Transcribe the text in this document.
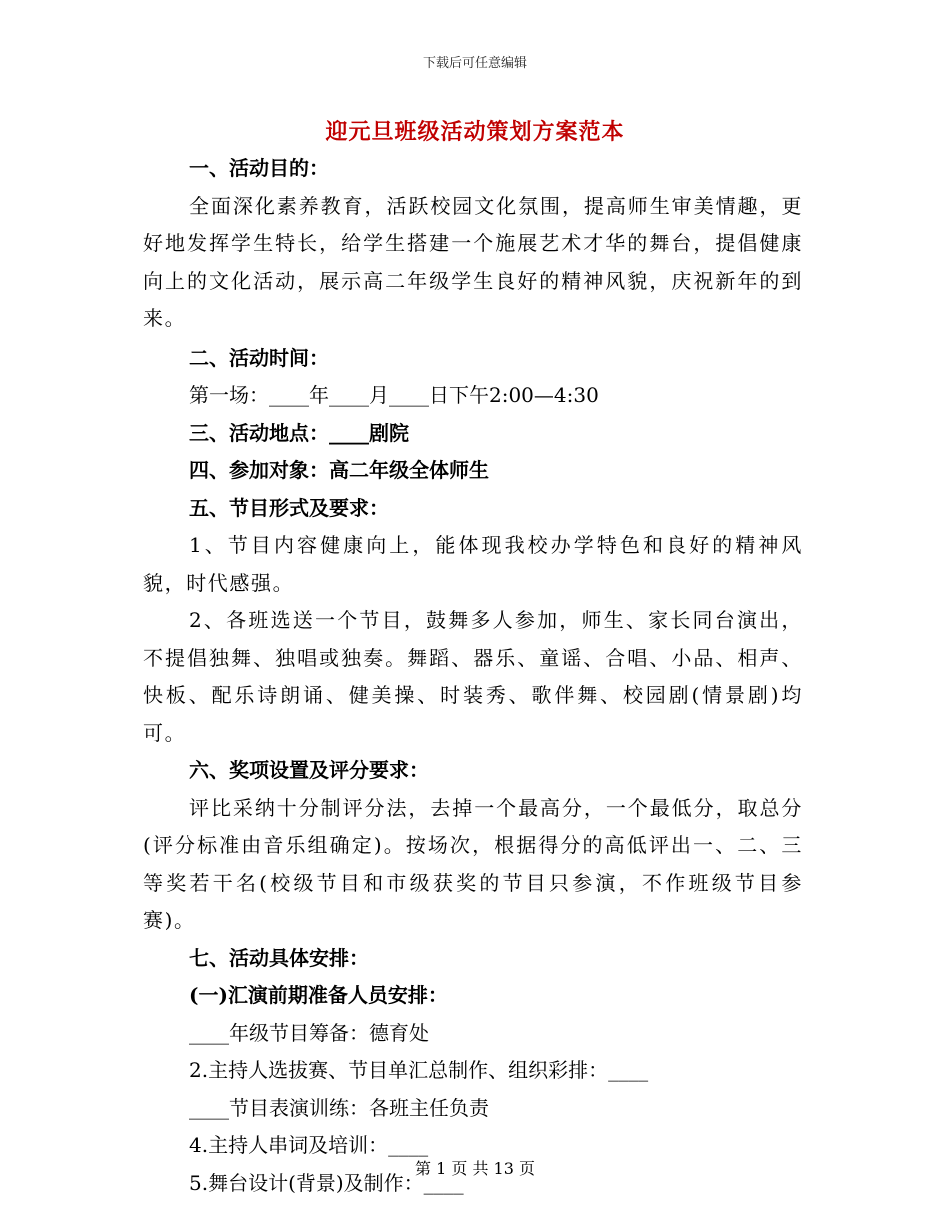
下载后可任意编辑
迎元旦班级活动策划方案范本

一、活动目的：

全面深化素养教育，活跃校园文化氛围，提高师生审美情趣，更好地发挥学生特长，给学生搭建一个施展艺术才华的舞台，提倡健康向上的文化活动，展示高二年级学生良好的精神风貌，庆祝新年的到来。

二、活动时间：

第一场：____年____月____日下午2:00—4:30

三、活动地点：____剧院

四、参加对象：高二年级全体师生

五、节目形式及要求：

1、节目内容健康向上，能体现我校办学特色和良好的精神风貌，时代感强。

2、各班选送一个节目，鼓舞多人参加，师生、家长同台演出，不提倡独舞、独唱或独奏。舞蹈、器乐、童谣、合唱、小品、相声、快板、配乐诗朗诵、健美操、时装秀、歌伴舞、校园剧(情景剧)均可。

六、奖项设置及评分要求：

评比采纳十分制评分法，去掉一个最高分，一个最低分，取总分(评分标准由音乐组确定)。按场次，根据得分的高低评出一、二、三等奖若干名(校级节目和市级获奖的节目只参演，不作班级节目参赛)。

七、活动具体安排：

(一)汇演前期准备人员安排：

____年级节目筹备：德育处

2.主持人选拔赛、节目单汇总制作、组织彩排：____

____节目表演训练：各班主任负责

4.主持人串词及培训：____

5.舞台设计(背景)及制作：____

第 1 页 共 13 页
